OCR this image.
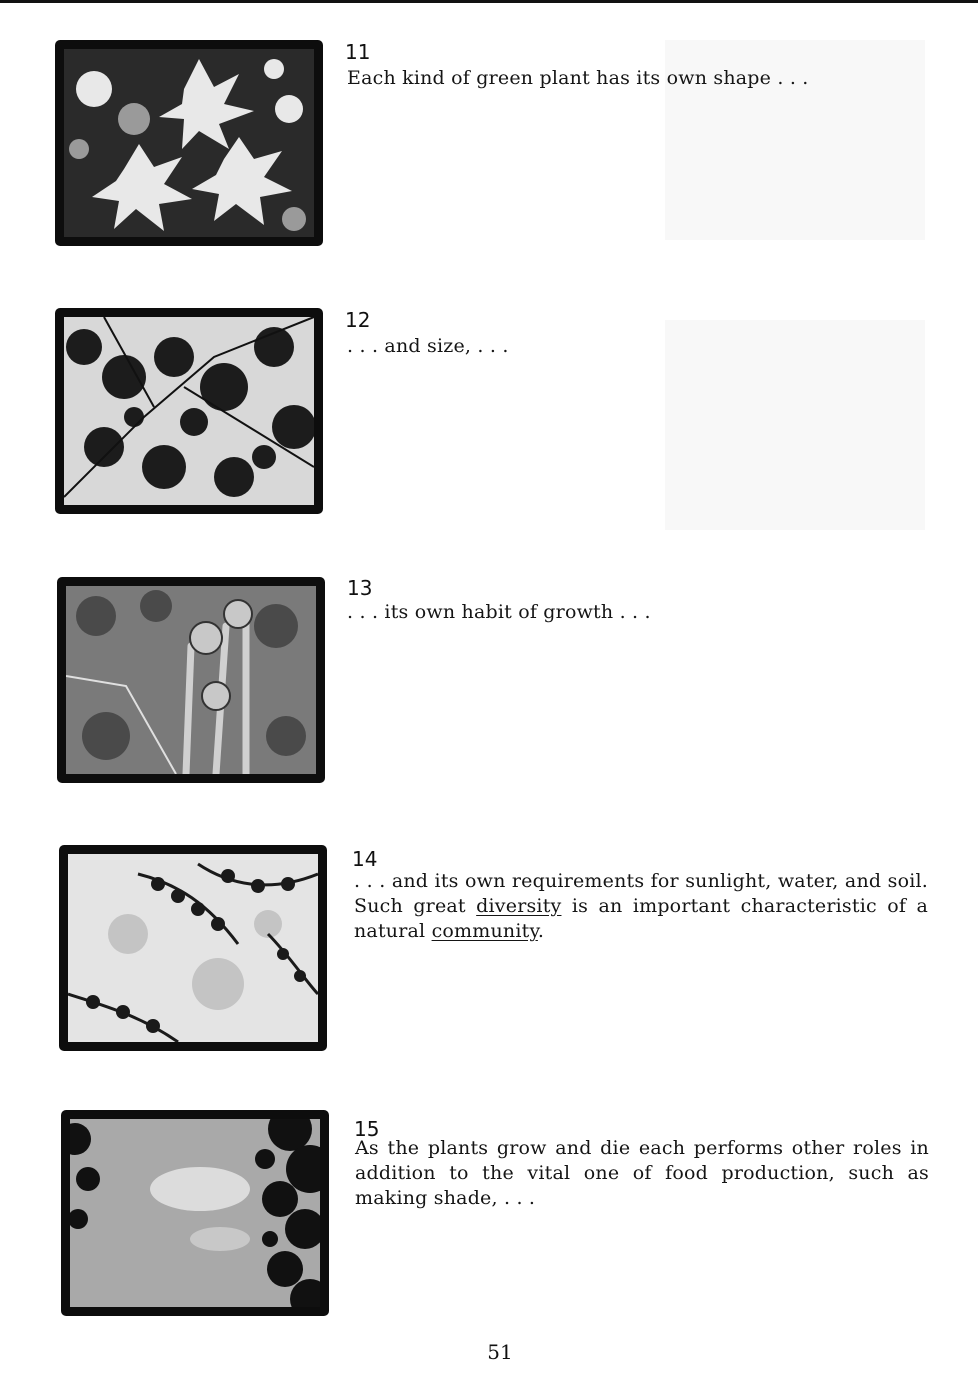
11
Each kind of green plant has its own shape . . .
12
. . . and size, . . .
13
. . . its own habit of growth . . .
14
. . . and its own requirements for sunlight, water, and soil. Such great diversity is an important characteristic of a natural community.
15
As the plants grow and die each performs other roles in addition to the vital one of food production, such as making shade, . . .
51
